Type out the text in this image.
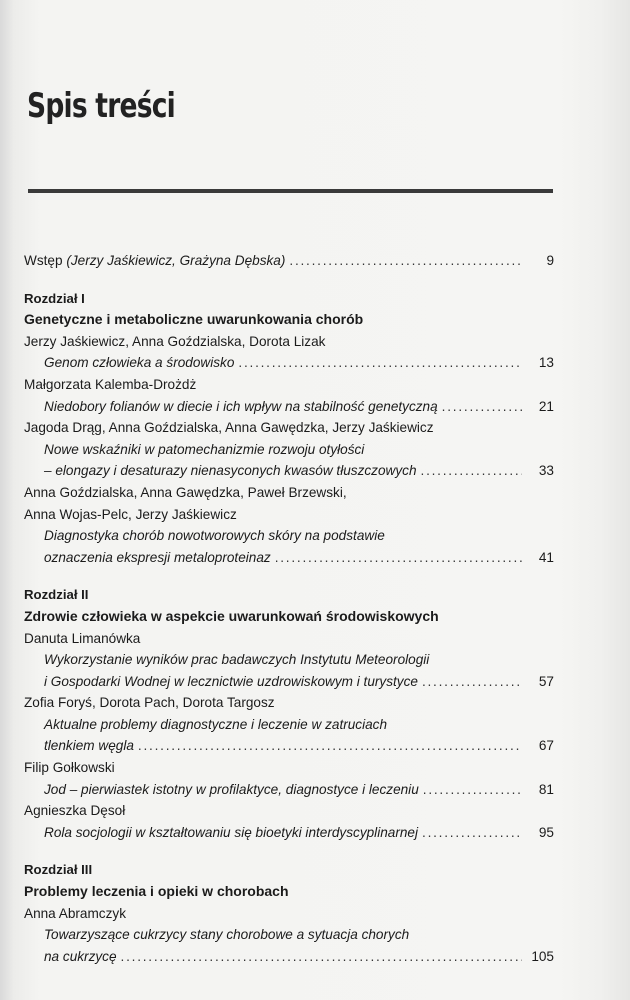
Spis treści
Wstęp (Jerzy Jaśkiewicz, Grażyna Dębska) . . .	9
Rozdział I
Genetyczne i metaboliczne uwarunkowania chorób
Jerzy Jaśkiewicz, Anna Goździalska, Dorota Lizak
Genom człowieka a środowisko . . .	13
Małgorzata Kalemba-Drożdż
Niedobory folianów w diecie i ich wpływ na stabilność genetyczną . . .	21
Jagoda Drąg, Anna Goździalska, Anna Gawędzka, Jerzy Jaśkiewicz
Nowe wskaźniki w patomechanizmie rozwoju otyłości
– elongazy i desaturazy nienasyconych kwasów tłuszczowych . . .	33
Anna Goździalska, Anna Gawędzka, Paweł Brzewski,
Anna Wojas-Pelc, Jerzy Jaśkiewicz
Diagnostyka chorób nowotworowych skóry na podstawie
oznaczenia ekspresji metaloproteinaz . . .	41
Rozdział II
Zdrowie człowieka w aspekcie uwarunkowań środowiskowych
Danuta Limanówka
Wykorzystanie wyników prac badawczych Instytutu Meteorologii
i Gospodarki Wodnej w lecznictwie uzdrowiskowym i turystyce . . .	57
Zofia Foryś, Dorota Pach, Dorota Targosz
Aktualne problemy diagnostyczne i leczenie w zatruciach
tlenkiem węgla . . .	67
Filip Gołkowski
Jod – pierwiastek istotny w profilaktyce, diagnostyce i leczeniu . . .	81
Agnieszka Dęsoł
Rola socjologii w kształtowaniu się bioetyki interdyscyplinarnej . . .	95
Rozdział III
Problemy leczenia i opieki w chorobach
Anna Abramczyk
Towarzyszące cukrzycy stany chorobowe a sytuacja chorych
na cukrzycę . . .	105
